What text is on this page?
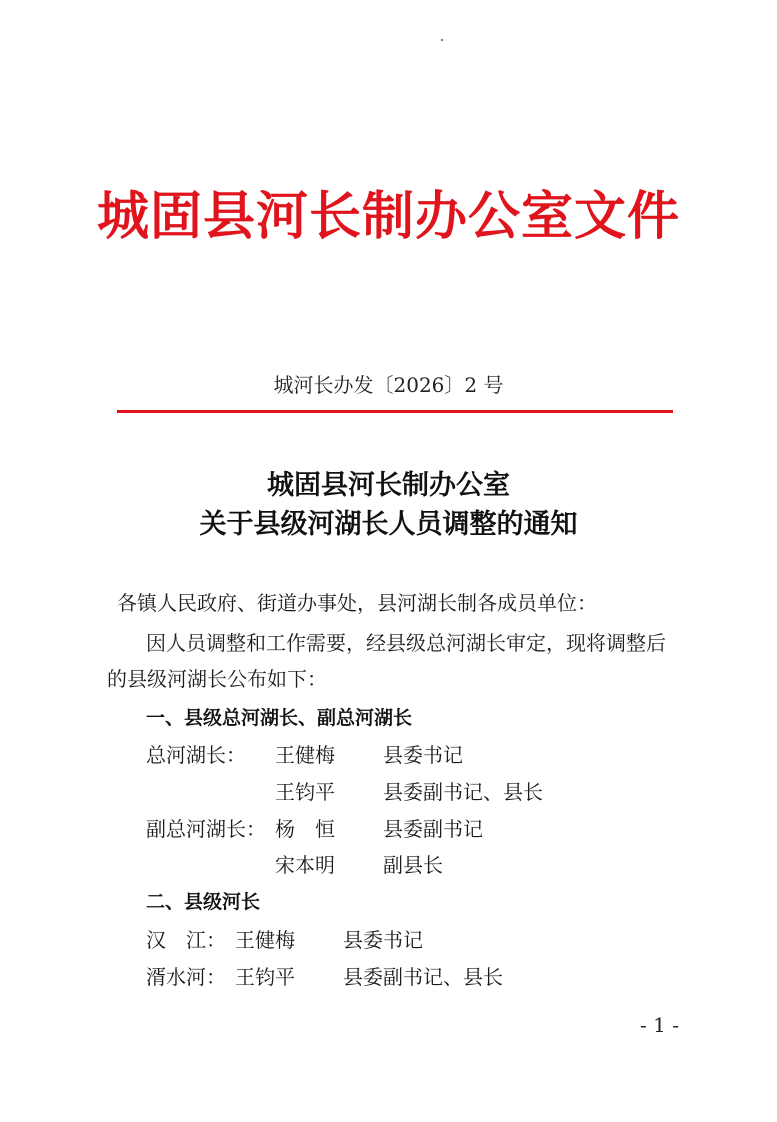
城固县河长制办公室文件
城河长办发〔2026〕2 号
城固县河长制办公室
关于县级河湖长人员调整的通知
各镇人民政府、街道办事处，县河湖长制各成员单位：
因人员调整和工作需要，经县级总河湖长审定，现将调整后
的县级河湖长公布如下：
一、县级总河湖长、副总河湖长
总河湖长： 王健梅 县委书记
王钧平 县委副书记、县长
副总河湖长： 杨　恒 县委副书记
宋本明 副县长
二、县级河长
汉　江： 王健梅 县委书记
湑水河： 王钧平 县委副书记、县长
- 1 -
